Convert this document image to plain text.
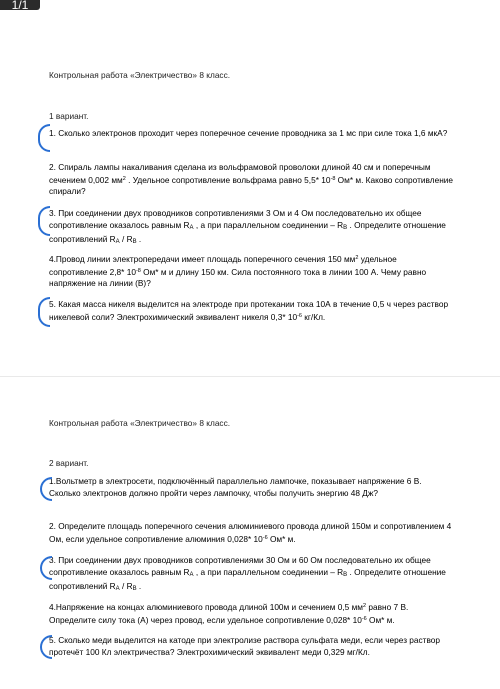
1/1

Контрольная работа «Электричество» 8 класс.

1 вариант.

1. Сколько электронов проходит через поперечное сечение проводника за 1 мс при силе тока 1,6 мкА?

2. Спираль лампы накаливания сделана из вольфрамовой проволоки длиной 40 см и поперечным сечением 0,002 $мм^2$ . Удельное сопротивление вольфрама равно 5,5* $10^{-8}$ Ом* м. Каково сопротивление спирали?

3. При соединении двух проводников сопротивлениями 3 Ом и 4 Ом последовательно их общее сопротивление оказалось равным RA , а при параллельном соединении – RB . Определите отношение сопротивлений RA / RB .

4.Провод линии электропередачи имеет площадь поперечного сечения 150 $мм^2$ удельное сопротивление 2,8* $10^{-8}$ Ом* м и длину 150 км. Сила постоянного тока в линии 100 А. Чему равно напряжение на линии (В)?

5. Какая масса никеля выделится на электроде при протекании тока 10А в течение 0,5 ч через раствор никелевой соли? Электрохимический эквивалент никеля 0,3* $10^{-6}$ кг/Кл.

Контрольная работа «Электричество» 8 класс.

2 вариант.

1.Вольтметр в электросети, подключённый параллельно лампочке, показывает напряжение 6 В. Сколько электронов должно пройти через лампочку, чтобы получить энергию 48 Дж?

2. Определите площадь поперечного сечения алюминиевого провода длиной 150м и сопротивлением 4 Ом, если удельное сопротивление алюминия 0,028* $10^{-6}$ Ом* м.

3. При соединении двух проводников сопротивлениями 30 Ом и 60 Ом последовательно их общее сопротивление оказалось равным RA , а при параллельном соединении – RB . Определите отношение сопротивлений RA / RB .

4.Напряжение на концах алюминиевого провода длиной 100м и сечением 0,5 $мм^2$ равно 7 В. Определите силу тока (А) через провод, если удельное сопротивление 0,028* $10^{-6}$ Ом* м.

5. Сколько меди выделится на катоде при электролизе раствора сульфата меди, если через раствор протечёт 100 Кл электричества? Электрохимический эквивалент меди 0,329 мг/Кл.
